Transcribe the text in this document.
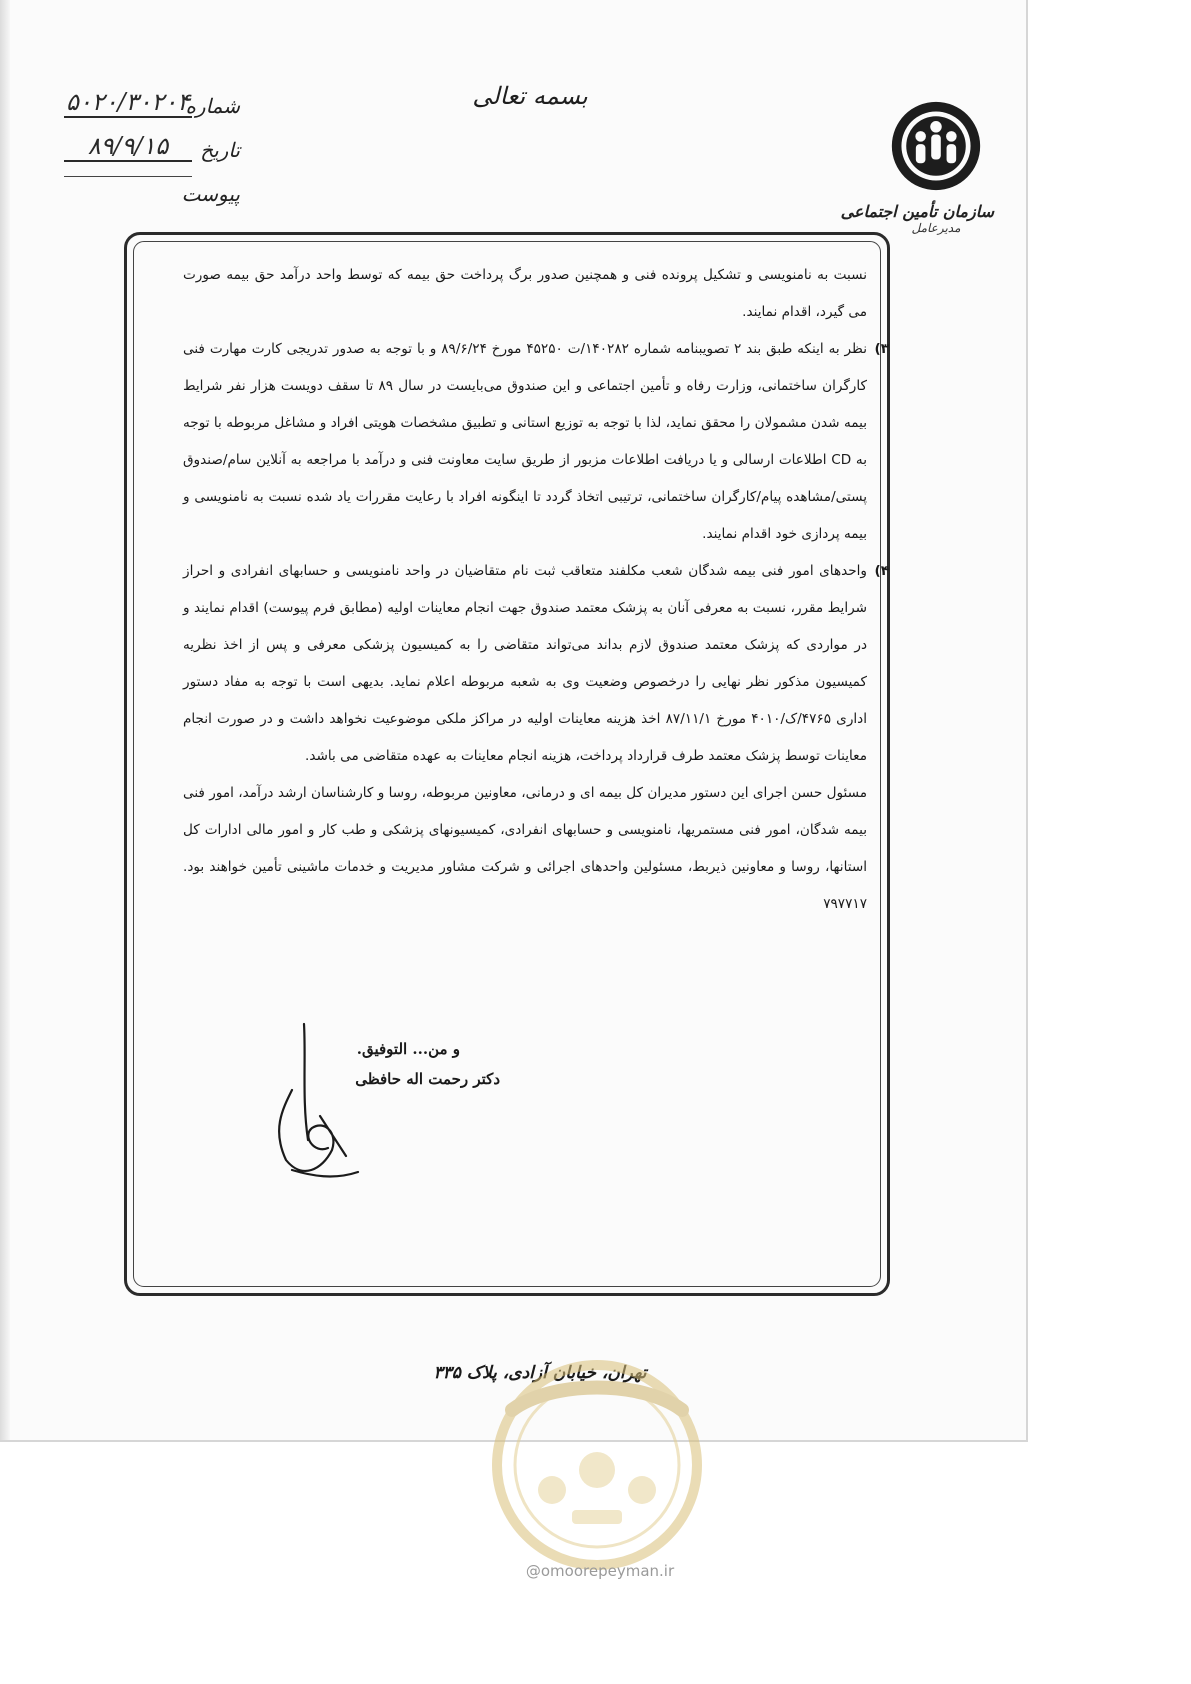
بسمه تعالی
شماره
۵۰۲۰/۳۰۲۰۴
تاریخ
۸۹/۹/۱۵
پیوست
سازمان تأمین اجتماعی
مدیرعامل

نسبت به نامنویسی و تشکیل پرونده فنی و همچنین صدور برگ پرداخت حق بیمه که توسط واحد درآمد حق بیمه صورت می گیرد، اقدام نمایند.

۳)

نظر به اینکه طبق بند ۲ تصویبنامه شماره ۱۴۰۲۸۲/ت ۴۵۲۵۰ مورخ ۸۹/۶/۲۴ و با توجه به صدور تدریجی کارت مهارت فنی کارگران ساختمانی، وزارت رفاه و تأمین اجتماعی و این صندوق می‌بایست در سال ۸۹ تا سقف دویست هزار نفر شرایط بیمه شدن مشمولان را محقق نماید، لذا با توجه به توزیع استانی و تطبیق مشخصات هویتی افراد و مشاغل مربوطه با توجه به CD اطلاعات ارسالی و یا دریافت اطلاعات مزبور از طریق سایت معاونت فنی و درآمد با مراجعه به آنلاین سام/صندوق پستی/مشاهده پیام/کارگران ساختمانی، ترتیبی اتخاذ گردد تا اینگونه افراد با رعایت مقررات یاد شده نسبت به نامنویسی و بیمه پردازی خود اقدام نمایند.

۴)

واحدهای امور فنی بیمه شدگان شعب مکلفند متعاقب ثبت نام متقاضیان در واحد نامنویسی و حسابهای انفرادی و احراز شرایط مقرر، نسبت به معرفی آنان به پزشک معتمد صندوق جهت انجام معاینات اولیه (مطابق فرم پیوست) اقدام نمایند و در مواردی که پزشک معتمد صندوق لازم بداند می‌تواند متقاضی را به کمیسیون پزشکی معرفی و پس از اخذ نظریه کمیسیون مذکور نظر نهایی را درخصوص وضعیت وی به شعبه مربوطه اعلام نماید. بدیهی است با توجه به مفاد دستور اداری ۴۷۶۵/ک/۴۰۱۰ مورخ ۸۷/۱۱/۱ اخذ هزینه معاینات اولیه در مراکز ملکی موضوعیت نخواهد داشت و در صورت انجام معاینات توسط پزشک معتمد طرف قرارداد پرداخت، هزینه انجام معاینات به عهده متقاضی می باشد.

مسئول حسن اجرای این دستور مدیران کل بیمه ای و درمانی، معاونین مربوطه، روسا و کارشناسان ارشد درآمد، امور فنی بیمه شدگان، امور فنی مستمریها، نامنویسی و حسابهای انفرادی، کمیسیونهای پزشکی و طب کار و امور مالی ادارات کل استانها، روسا و معاونین ذیربط، مسئولین واحدهای اجرائی و شرکت مشاور مدیریت و خدمات ماشینی تأمین خواهند بود. ۷۹۷۷۱۷

و من... التوفیق.
دکتر رحمت اله حافظی
تهران، خیابان آزادی، پلاک ۳۳۵
@omoorepeyman.ir
